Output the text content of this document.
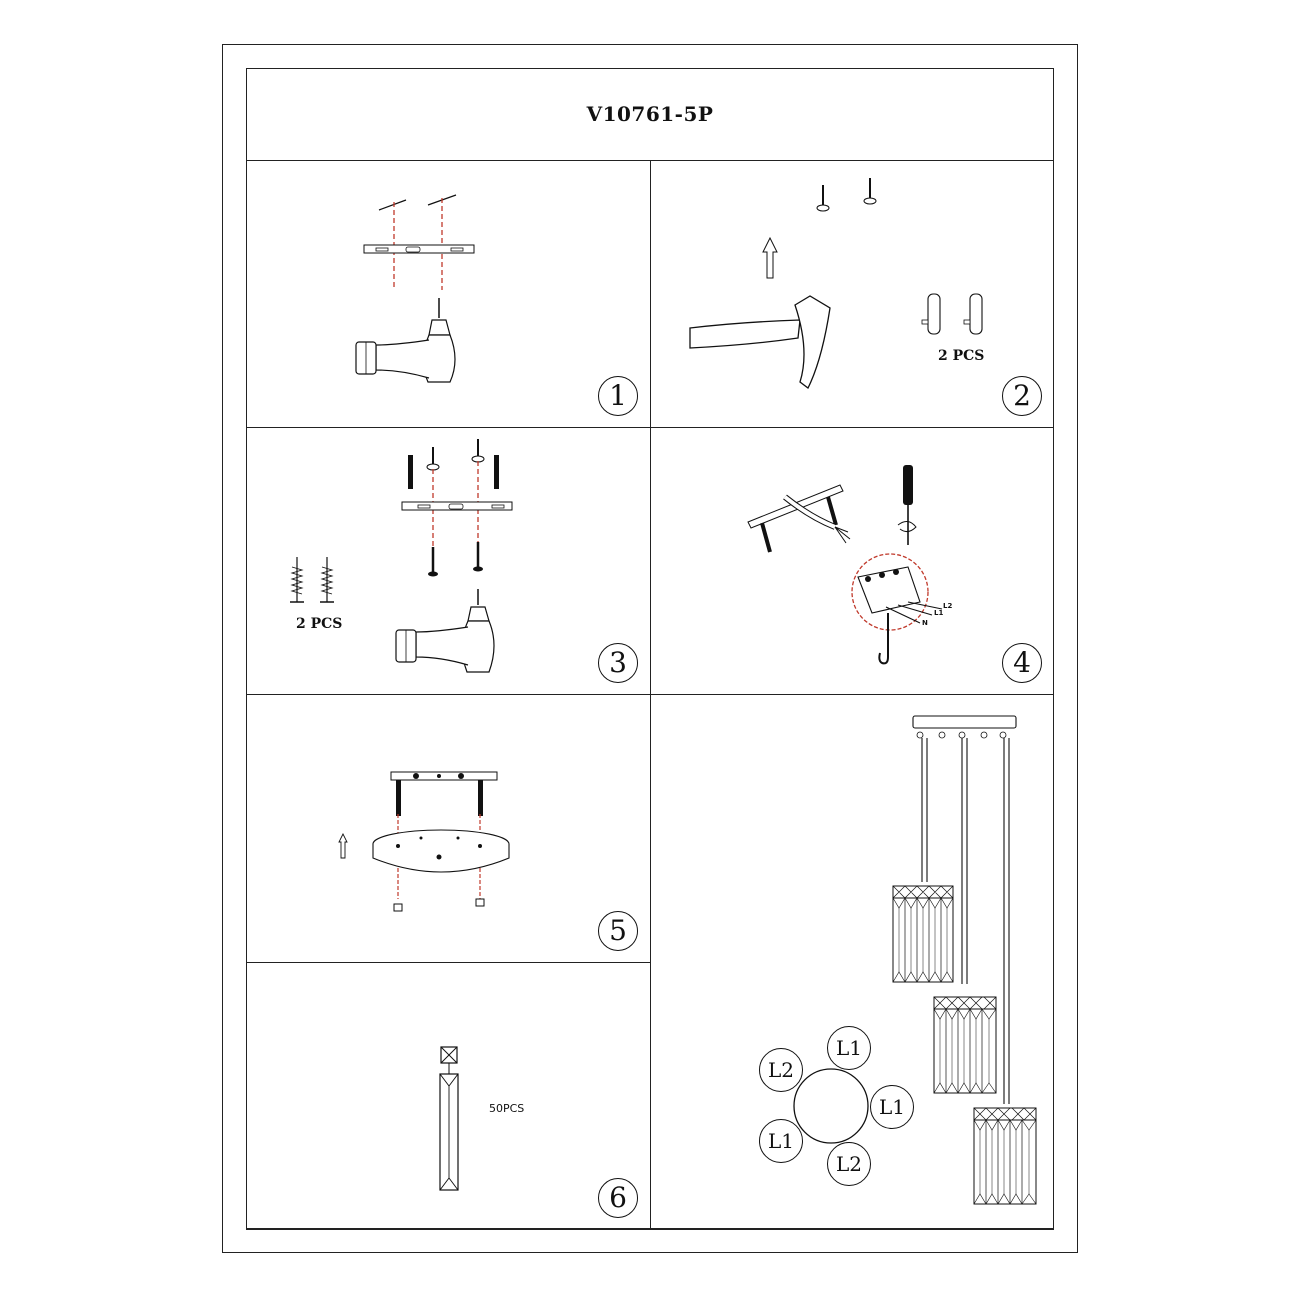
V10761-5P
1
2 PCS
2
2 PCS
3
L1
L2
N
4
5
50PCS
6
L1
L2
L1
L1
L2
